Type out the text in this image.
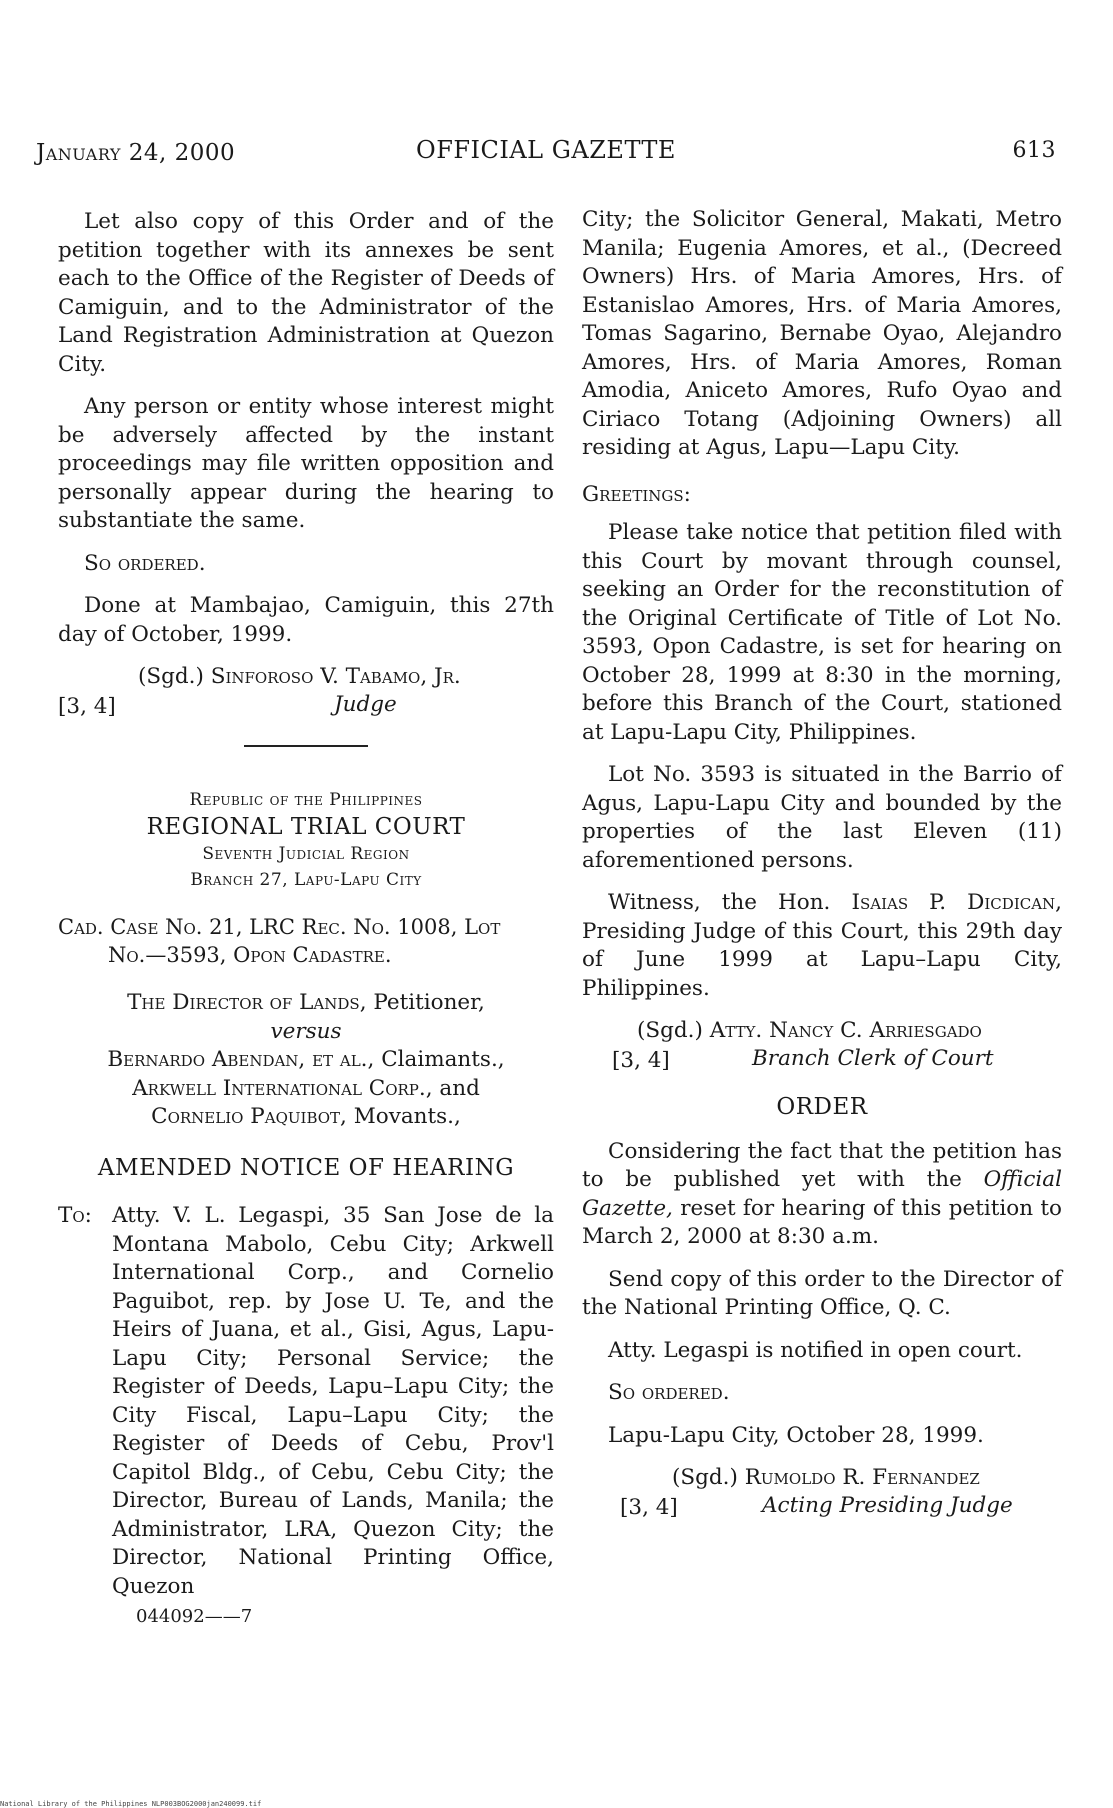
January 24, 2000	OFFICIAL GAZETTE	613

Let also copy of this Order and of the petition together with its annexes be sent each to the Office of the Register of Deeds of Camiguin, and to the Administrator of the Land Registration Administration at Quezon City.

Any person or entity whose interest might be adversely affected by the instant proceedings may file written opposition and personally appear during the hearing to substantiate the same.

So ordered.

Done at Mambajao, Camiguin, this 27th day of October, 1999.

(Sgd.) Sinforoso V. Tabamo, Jr.
[3, 4]	Judge
Republic of the Philippines
REGIONAL TRIAL COURT
Seventh Judicial Region
Branch 27, Lapu-Lapu City
Cad. Case No. 21, LRC Rec. No. 1008, Lot
No.—3593, Opon Cadastre.
The Director of Lands, Petitioner,
versus
Bernardo Abendan, et al., Claimants.,
Arkwell International Corp., and
Cornelio Paquibot, Movants.,
AMENDED NOTICE OF HEARING
To: Atty. V. L. Legaspi, 35 San Jose de la Montana Mabolo, Cebu City; Arkwell International Corp., and Cornelio Paguibot, rep. by Jose U. Te, and the Heirs of Juana, et al., Gisi, Agus, Lapu-Lapu City; Personal Service; the Register of Deeds, Lapu–Lapu City; the City Fiscal, Lapu–Lapu City; the Register of Deeds of Cebu, Prov'l Capitol Bldg., of Cebu, Cebu City; the Director, Bureau of Lands, Manila; the Administrator, LRA, Quezon City; the Director, National Printing Office, Quezon
044092——7

City; the Solicitor General, Makati, Metro Manila; Eugenia Amores, et al., (Decreed Owners) Hrs. of Maria Amores, Hrs. of Estanislao Amores, Hrs. of Maria Amores, Tomas Sagarino, Bernabe Oyao, Alejandro Amores, Hrs. of Maria Amores, Roman Amodia, Aniceto Amores, Rufo Oyao and Ciriaco Totang (Adjoining Owners) all residing at Agus, Lapu—Lapu City.

Greetings:

Please take notice that petition filed with this Court by movant through counsel, seeking an Order for the reconstitution of the Original Certificate of Title of Lot No. 3593, Opon Cadastre, is set for hearing on October 28, 1999 at 8:30 in the morning, before this Branch of the Court, stationed at Lapu-Lapu City, Philippines.

Lot No. 3593 is situated in the Barrio of Agus, Lapu-Lapu City and bounded by the properties of the last Eleven (11) aforementioned persons.

Witness, the Hon. Isaias P. Dicdican, Presiding Judge of this Court, this 29th day of June 1999 at Lapu–Lapu City, Philippines.

(Sgd.) Atty. Nancy C. Arriesgado
[3, 4]	Branch Clerk of Court
ORDER

Considering the fact that the petition has to be published yet with the Official Gazette, reset for hearing of this petition to March 2, 2000 at 8:30 a.m.

Send copy of this order to the Director of the National Printing Office, Q. C.

Atty. Legaspi is notified in open court.

So ordered.

Lapu-Lapu City, October 28, 1999.

(Sgd.) Rumoldo R. Fernandez
[3, 4]	Acting Presiding Judge
National Library of the Philippines NLP003BOG2000jan240099.tif
